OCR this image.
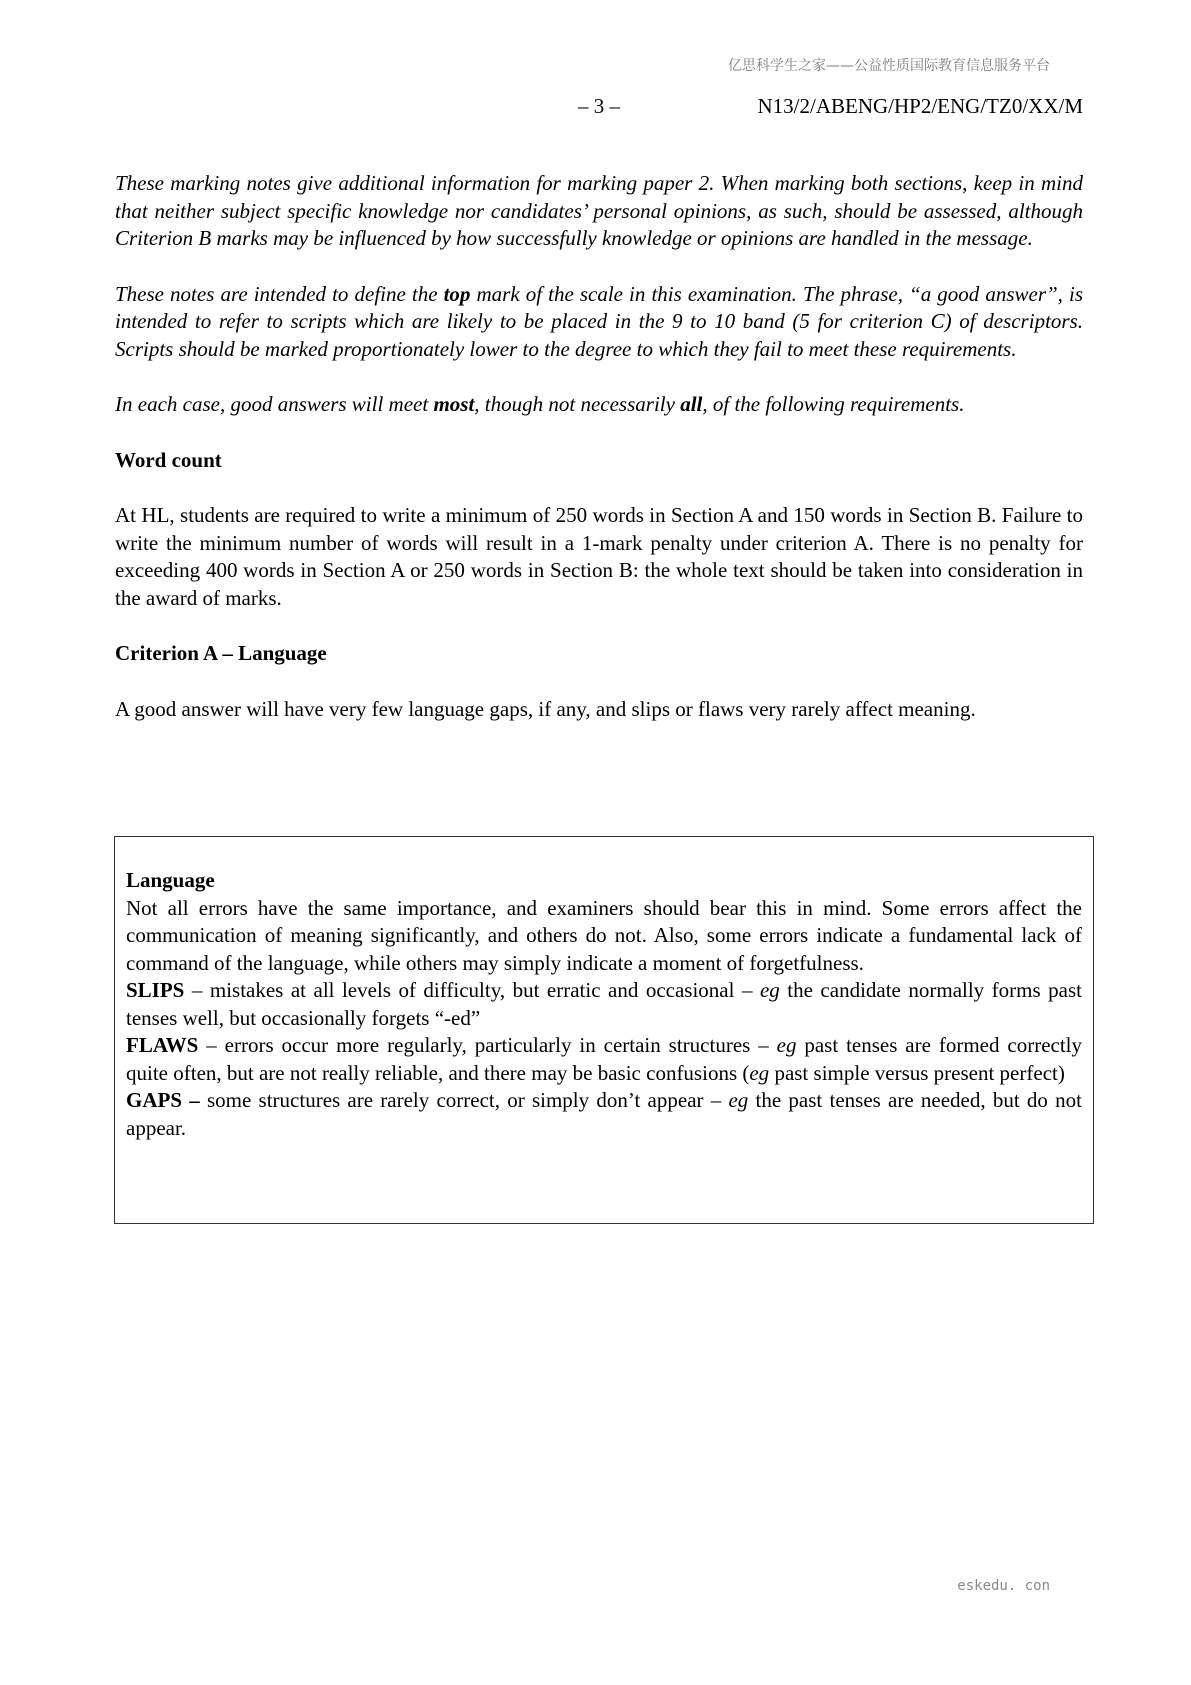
亿思科学生之家——公益性质国际教育信息服务平台
– 3 –	N13/2/ABENG/HP2/ENG/TZ0/XX/M

These marking notes give additional information for marking paper 2. When marking both sections, keep in mind that neither subject specific knowledge nor candidates’ personal opinions, as such, should be assessed, although Criterion B marks may be influenced by how successfully knowledge or opinions are handled in the message.

These notes are intended to define the top mark of the scale in this examination. The phrase, “a good answer”, is intended to refer to scripts which are likely to be placed in the 9 to 10 band (5 for criterion C) of descriptors. Scripts should be marked proportionately lower to the degree to which they fail to meet these requirements.

In each case, good answers will meet most, though not necessarily all, of the following requirements.

Word count

At HL, students are required to write a minimum of 250 words in Section A and 150 words in Section B. Failure to write the minimum number of words will result in a 1-mark penalty under criterion A. There is no penalty for exceeding 400 words in Section A or 250 words in Section B: the whole text should be taken into consideration in the award of marks.

Criterion A – Language

A good answer will have very few language gaps, if any, and slips or flaws very rarely affect meaning.

Language

Not all errors have the same importance, and examiners should bear this in mind. Some errors affect the communication of meaning significantly, and others do not. Also, some errors indicate a fundamental lack of command of the language, while others may simply indicate a moment of forgetfulness.

SLIPS – mistakes at all levels of difficulty, but erratic and occasional – eg the candidate normally forms past tenses well, but occasionally forgets “-ed”

FLAWS – errors occur more regularly, particularly in certain structures – eg past tenses are formed correctly quite often, but are not really reliable, and there may be basic confusions (eg past simple versus present perfect)

GAPS – some structures are rarely correct, or simply don’t appear – eg the past tenses are needed, but do not appear.

eskedu. con
